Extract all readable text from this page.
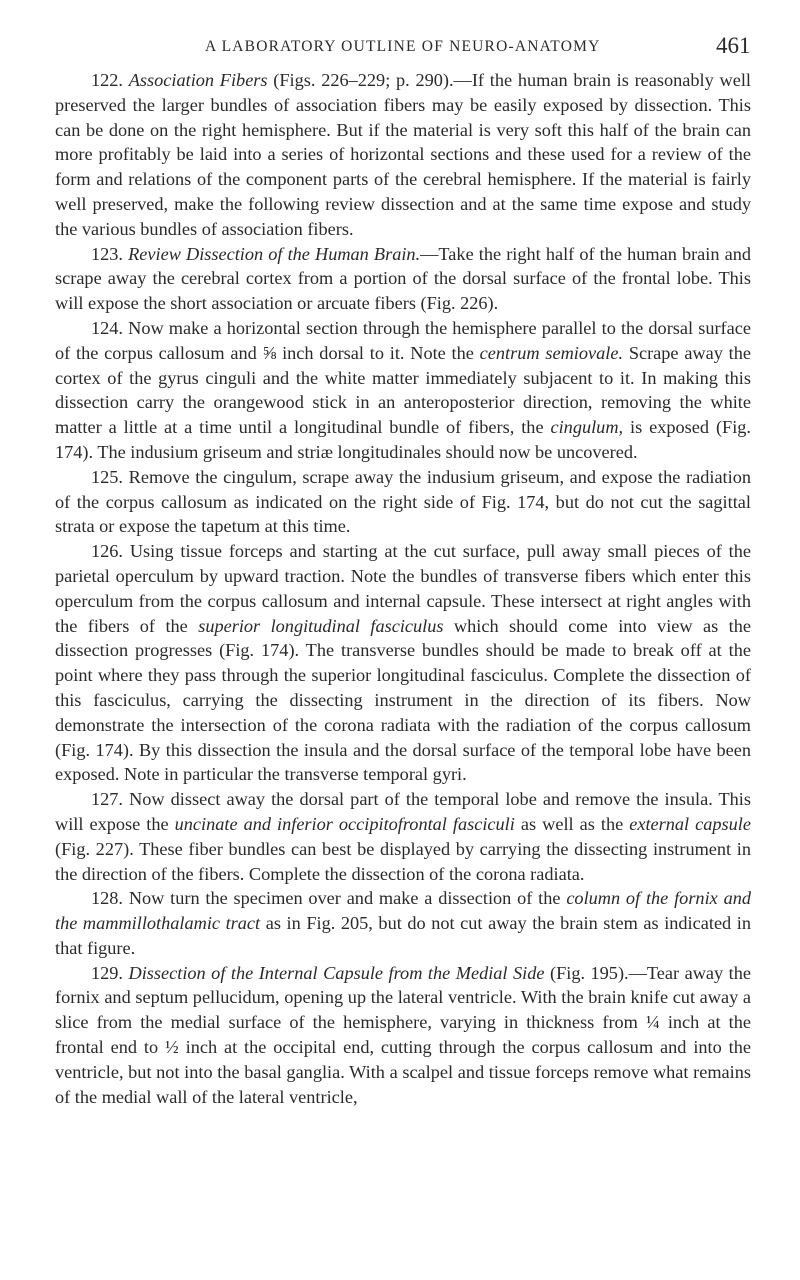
A LABORATORY OUTLINE OF NEURO-ANATOMY	461

122. Association Fibers (Figs. 226–229; p. 290).—If the human brain is reasonably well preserved the larger bundles of association fibers may be easily exposed by dissection. This can be done on the right hemisphere. But if the material is very soft this half of the brain can more profitably be laid into a series of horizontal sections and these used for a review of the form and relations of the component parts of the cerebral hemisphere. If the material is fairly well preserved, make the following review dissection and at the same time expose and study the various bundles of association fibers.

123. Review Dissection of the Human Brain.—Take the right half of the human brain and scrape away the cerebral cortex from a portion of the dorsal surface of the frontal lobe. This will expose the short association or arcuate fibers (Fig. 226).

124. Now make a horizontal section through the hemisphere parallel to the dorsal surface of the corpus callosum and ⅝ inch dorsal to it. Note the centrum semiovale. Scrape away the cortex of the gyrus cinguli and the white matter immediately subjacent to it. In making this dissection carry the orangewood stick in an anteroposterior direction, removing the white matter a little at a time until a longitudinal bundle of fibers, the cingulum, is exposed (Fig. 174). The indusium griseum and striæ longitudinales should now be uncovered.

125. Remove the cingulum, scrape away the indusium griseum, and expose the radiation of the corpus callosum as indicated on the right side of Fig. 174, but do not cut the sagittal strata or expose the tapetum at this time.

126. Using tissue forceps and starting at the cut surface, pull away small pieces of the parietal operculum by upward traction. Note the bundles of transverse fibers which enter this operculum from the corpus callosum and internal capsule. These intersect at right angles with the fibers of the superior longitudinal fasciculus which should come into view as the dissection progresses (Fig. 174). The transverse bundles should be made to break off at the point where they pass through the superior longitudinal fasciculus. Complete the dissection of this fasciculus, carrying the dissecting instrument in the direction of its fibers. Now demonstrate the intersection of the corona radiata with the radiation of the corpus callosum (Fig. 174). By this dissection the insula and the dorsal surface of the temporal lobe have been exposed. Note in particular the transverse temporal gyri.

127. Now dissect away the dorsal part of the temporal lobe and remove the insula. This will expose the uncinate and inferior occipitofrontal fasciculi as well as the external capsule (Fig. 227). These fiber bundles can best be displayed by carrying the dissecting instrument in the direction of the fibers. Complete the dissection of the corona radiata.

128. Now turn the specimen over and make a dissection of the column of the fornix and the mammillothalamic tract as in Fig. 205, but do not cut away the brain stem as indicated in that figure.

129. Dissection of the Internal Capsule from the Medial Side (Fig. 195).—Tear away the fornix and septum pellucidum, opening up the lateral ventricle. With the brain knife cut away a slice from the medial surface of the hemisphere, varying in thickness from ¼ inch at the frontal end to ½ inch at the occipital end, cutting through the corpus callosum and into the ventricle, but not into the basal ganglia. With a scalpel and tissue forceps remove what remains of the medial wall of the lateral ventricle,
